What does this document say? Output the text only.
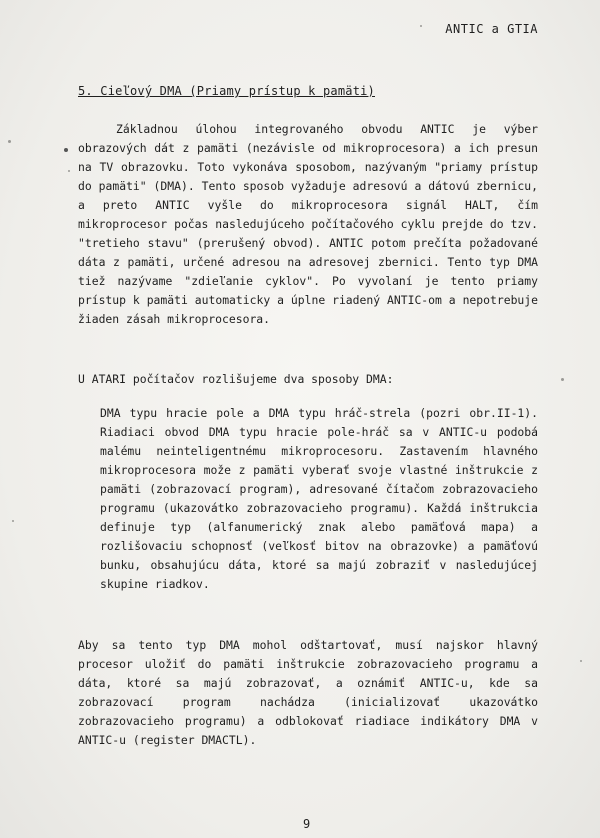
ANTIC a GTIA
5. Cieľový DMA (Priamy prístup k pamäti)

Základnou úlohou integrovaného obvodu ANTIC je výber obrazových dát z pamäti (nezávisle od mikroprocesora) a ich presun na TV obrazovku. Toto vykonáva sposobom, nazývaným "priamy prístup do pamäti" (DMA). Tento sposob vyžaduje adresovú a dátovú zbernicu, a preto ANTIC vyšle do mikroprocesora signál HALT, čím mikroprocesor počas nasledujúceho počítačového cyklu prejde do tzv. "tretieho stavu" (prerušený obvod). ANTIC potom prečíta požadované dáta z pamäti, určené adresou na adresovej zbernici. Tento typ DMA tiež nazývame "zdieľanie cyklov". Po vyvolaní je tento priamy prístup k pamäti automaticky a úplne riadený ANTIC-om a nepotrebuje žiaden zásah mikroprocesora.

U ATARI počítačov rozlišujeme dva sposoby DMA:

DMA typu hracie pole a DMA typu hráč-strela (pozri obr.II-1). Riadiaci obvod DMA typu hracie pole-hráč sa v ANTIC-u podobá malému neinteligentnému mikroprocesoru. Zastavením hlavného mikroprocesora može z pamäti vyberať svoje vlastné inštrukcie z pamäti (zobrazovací program), adresované čítačom zobrazovacieho programu (ukazovátko zobrazovacieho programu). Každá inštrukcia definuje typ (alfanumerický znak alebo pamäťová mapa) a rozlišovaciu schopnosť (veľkosť bitov na obrazovke) a pamäťovú bunku, obsahujúcu dáta, ktoré sa majú zobraziť v nasledujúcej skupine riadkov.

Aby sa tento typ DMA mohol odštartovať, musí najskor hlavný procesor uložiť do pamäti inštrukcie zobrazovacieho programu a dáta, ktoré sa majú zobrazovať, a oznámiť ANTIC-u, kde sa zobrazovací program nachádza (inicializovať ukazovátko zobrazovacieho programu) a odblokovať riadiace indikátory DMA v ANTIC-u (register DMACTL).

9
